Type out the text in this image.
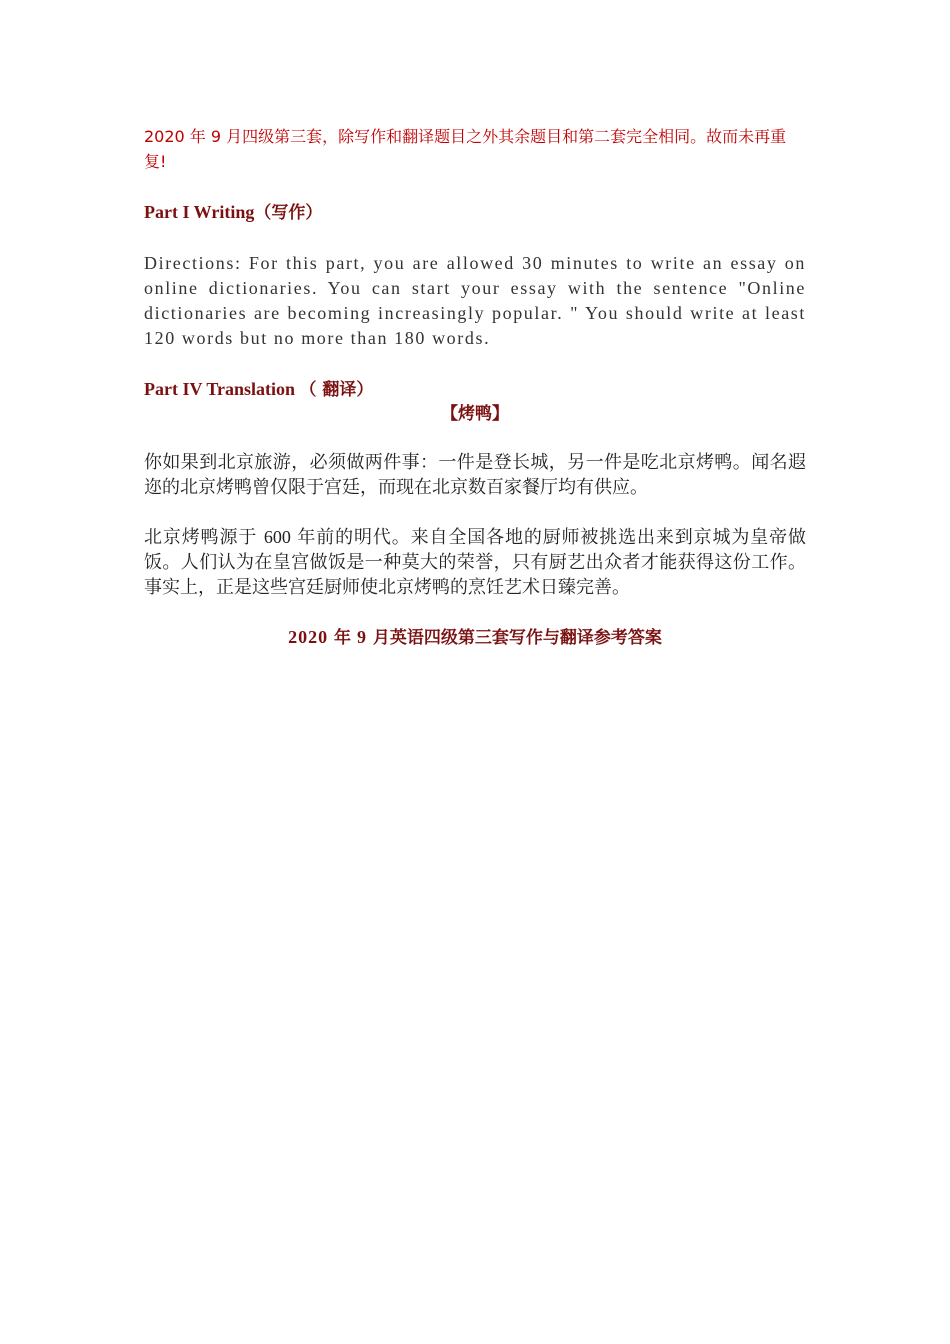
2020 年 9 月四级第三套，除写作和翻译题目之外其余题目和第二套完全相同。故而未再重复!

Part I Writing（写作）

Directions: For this part, you are allowed 30 minutes to write an essay on online dictionaries. You can start your essay with the sentence "Online dictionaries are becoming increasingly popular. " You should write at least 120 words but no more than 180 words.

Part IV Translation （ 翻译）

【烤鸭】

你如果到北京旅游，必须做两件事：一件是登长城，另一件是吃北京烤鸭。闻名遐迩的北京烤鸭曾仅限于宫廷，而现在北京数百家餐厅均有供应。

北京烤鸭源于 600 年前的明代。来自全国各地的厨师被挑选出来到京城为皇帝做饭。人们认为在皇宫做饭是一种莫大的荣誉，只有厨艺出众者才能获得这份工作。事实上，正是这些宫廷厨师使北京烤鸭的烹饪艺术日臻完善。

2020 年 9 月英语四级第三套写作与翻译参考答案
